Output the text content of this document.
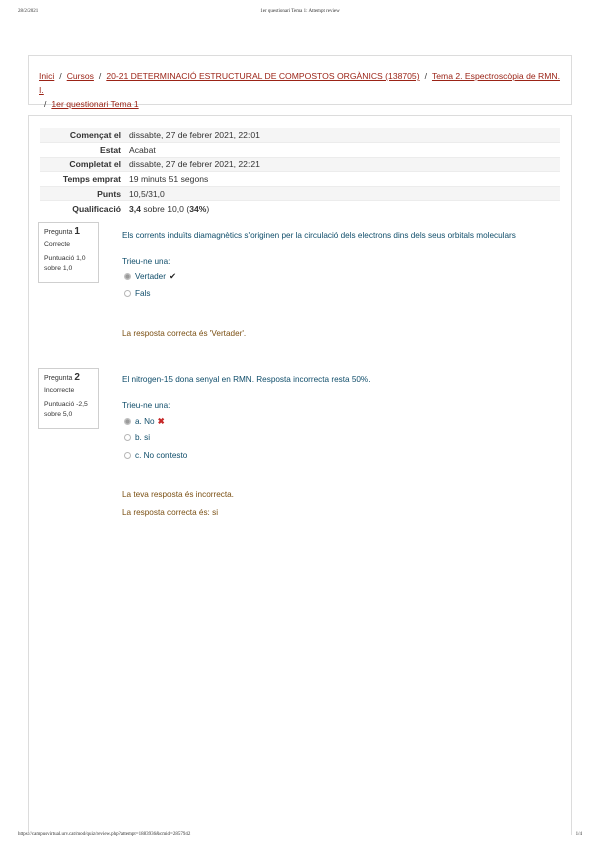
28/2/2021	1er questionari Tema 1: Attempt review
Inici / Cursos / 20-21 DETERMINACIÓ ESTRUCTURAL DE COMPOSTOS ORGÀNICS (138705) / Tema 2. Espectroscòpia de RMN. I.
/ 1er questionari Tema 1
Començat el	dissabte, 27 de febrer 2021, 22:01
Estat	Acabat
Completat el	dissabte, 27 de febrer 2021, 22:21
Temps emprat	19 minuts 51 segons
Punts	10,5/31,0
Qualificació	3,4 sobre 10,0 (34%)
Pregunta 1
Correcte
Puntuació 1,0 sobre 1,0
Els corrents induïts diamagnètics s'originen per la circulació dels electrons dins dels seus orbitals moleculars
Trieu-ne una:
Vertader ✔
Fals
La resposta correcta és 'Vertader'.
Pregunta 2
Incorrecte
Puntuació -2,5 sobre 5,0
El nitrogen-15 dona senyal en RMN. Resposta incorrecta resta 50%.
Trieu-ne una:
a. No ✖
b. si
c. No contesto
La teva resposta és incorrecta.
La resposta correcta és: si
https://campusvirtual.urv.cat/mod/quiz/review.php?attempt=1883936&cmid=2857942	1/4
